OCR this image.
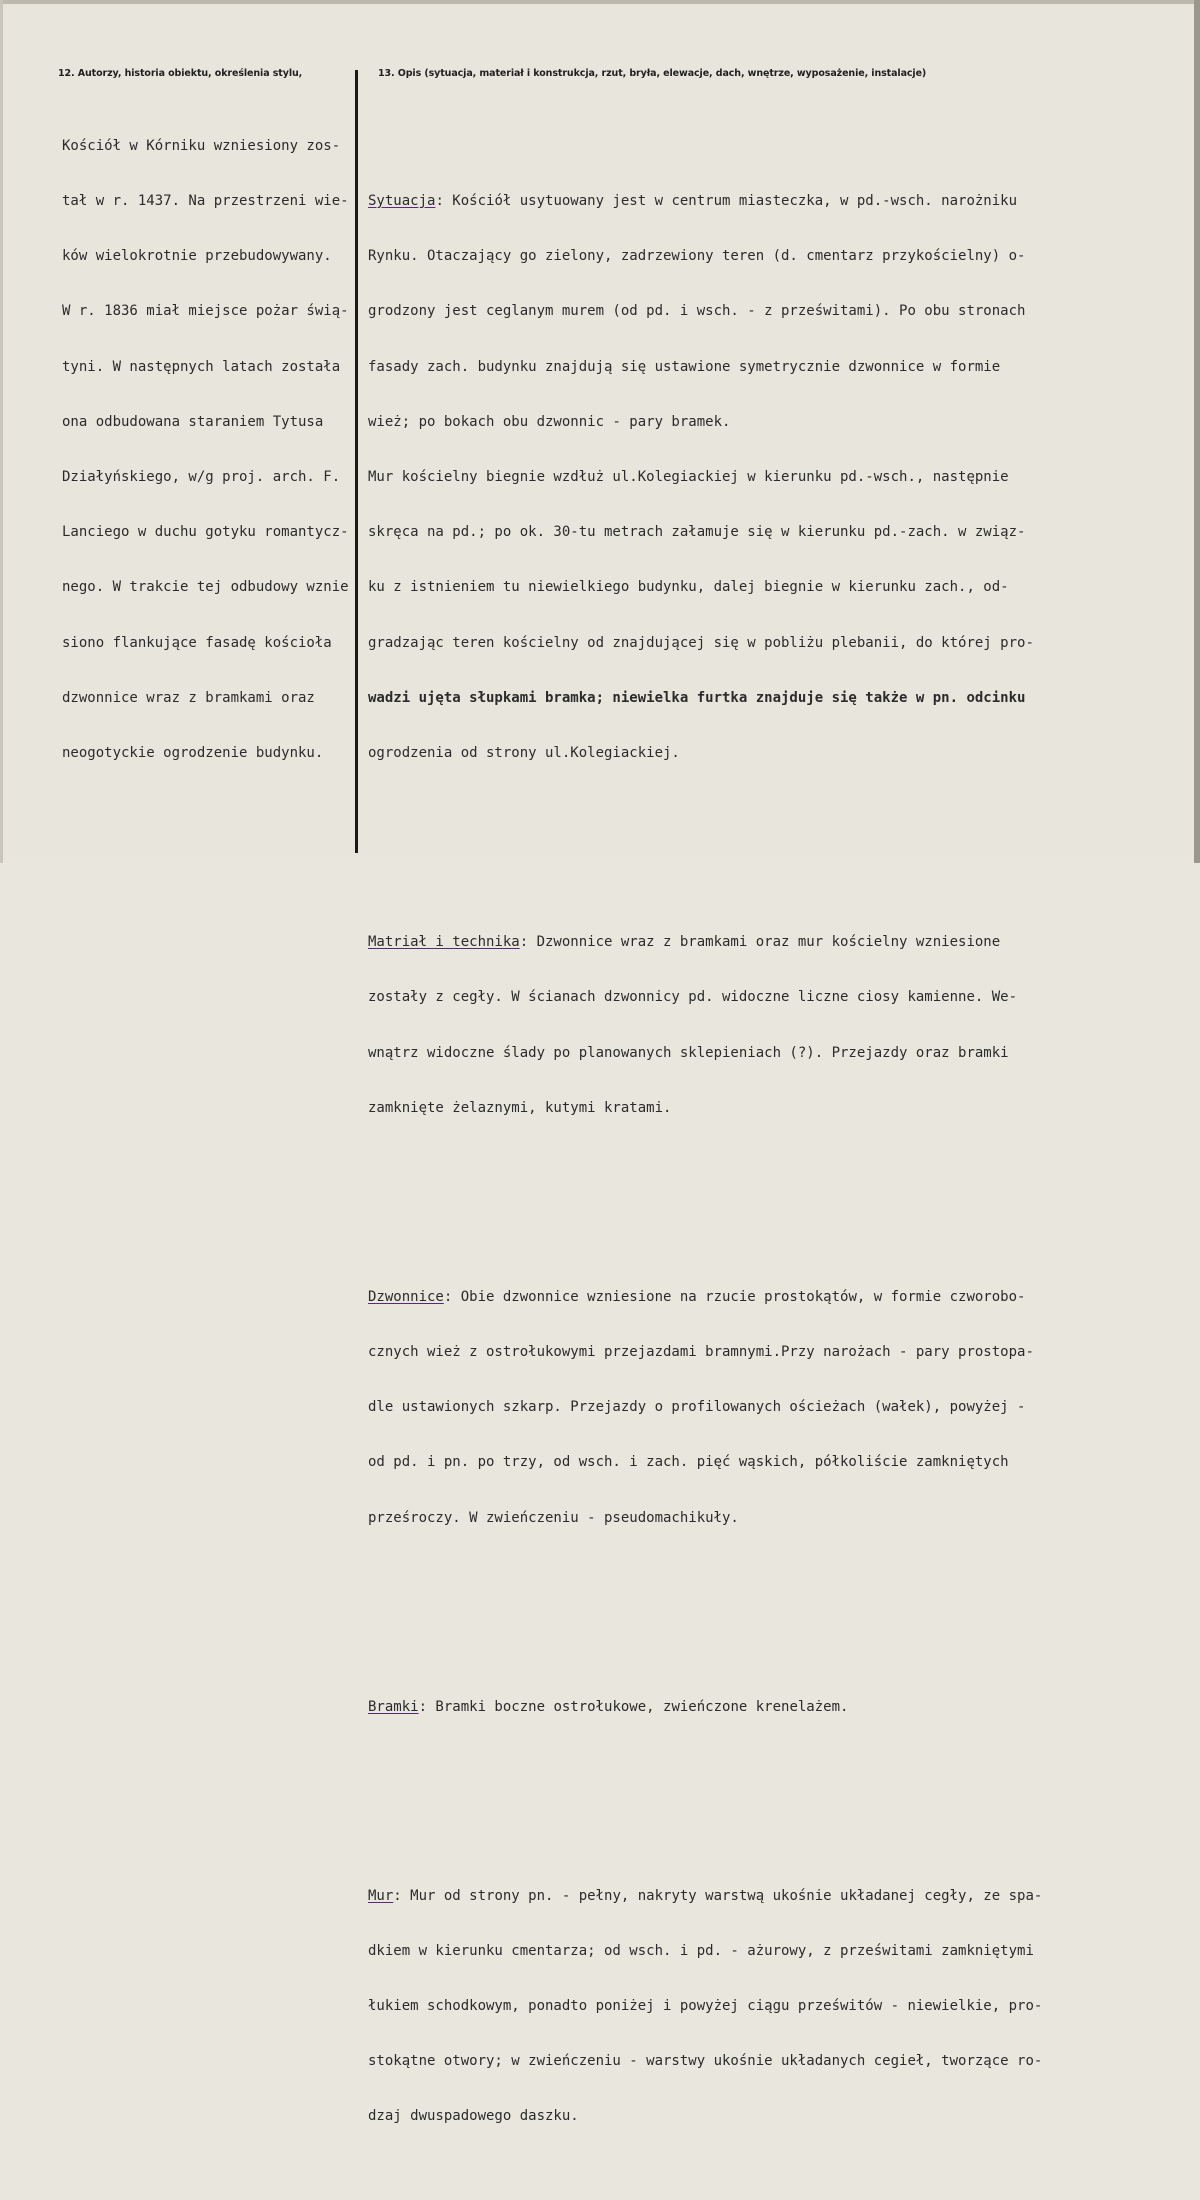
12. Autorzy, historia obiektu, określenia stylu,	13. Opis (sytuacja, materiał i konstrukcja, rzut, bryła, elewacje, dach, wnętrze, wyposażenie, instalacje)

Kościół w Kórniku wzniesiony zos-

tał w r. 1437. Na przestrzeni wie-

ków wielokrotnie przebudowywany.

W r. 1836 miał miejsce pożar świą-

tyni. W następnych latach została

ona odbudowana staraniem Tytusa

Działyńskiego, w/g proj. arch. F.

Lanciego w duchu gotyku romantycz-

nego. W trakcie tej odbudowy wznie

siono flankujące fasadę kościoła

dzwonnice wraz z bramkami oraz

neogotyckie ogrodzenie budynku.

Sytuacja: Kościół usytuowany jest w centrum miasteczka, w pd.-wsch. narożniku

Rynku. Otaczający go zielony, zadrzewiony teren (d. cmentarz przykościelny) o-

grodzony jest ceglanym murem (od pd. i wsch. - z prześwitami). Po obu stronach

fasady zach. budynku znajdują się ustawione symetrycznie dzwonnice w formie

wież; po bokach obu dzwonnic - pary bramek.

Mur kościelny biegnie wzdłuż ul.Kolegiackiej w kierunku pd.-wsch., następnie

skręca na pd.; po ok. 30-tu metrach załamuje się w kierunku pd.-zach. w związ-

ku z istnieniem tu niewielkiego budynku, dalej biegnie w kierunku zach., od-

gradzając teren kościelny od znajdującej się w pobliżu plebanii, do której pro-

wadzi ujęta słupkami bramka; niewielka furtka znajduje się także w pn. odcinku

ogrodzenia od strony ul.Kolegiackiej.

Matriał i technika: Dzwonnice wraz z bramkami oraz mur kościelny wzniesione

zostały z cegły. W ścianach dzwonnicy pd. widoczne liczne ciosy kamienne. We-

wnątrz widoczne ślady po planowanych sklepieniach (?). Przejazdy oraz bramki

zamknięte żelaznymi, kutymi kratami.

Dzwonnice: Obie dzwonnice wzniesione na rzucie prostokątów, w formie czworobo-

cznych wież z ostrołukowymi przejazdami bramnymi.Przy narożach - pary prostopa-

dle ustawionych szkarp. Przejazdy o profilowanych ościeżach (wałek), powyżej -

od pd. i pn. po trzy, od wsch. i zach. pięć wąskich, półkoliście zamkniętych

prześroczy. W zwieńczeniu - pseudomachikuły.

Bramki: Bramki boczne ostrołukowe, zwieńczone krenelażem.

Mur: Mur od strony pn. - pełny, nakryty warstwą ukośnie układanej cegły, ze spa-

dkiem w kierunku cmentarza; od wsch. i pd. - ażurowy, z prześwitami zamkniętymi

łukiem schodkowym, ponadto poniżej i powyżej ciągu prześwitów - niewielkie, pro-

stokątne otwory; w zwieńczeniu - warstwy ukośnie układanych cegieł, tworzące ro-

dzaj dwuspadowego daszku.
